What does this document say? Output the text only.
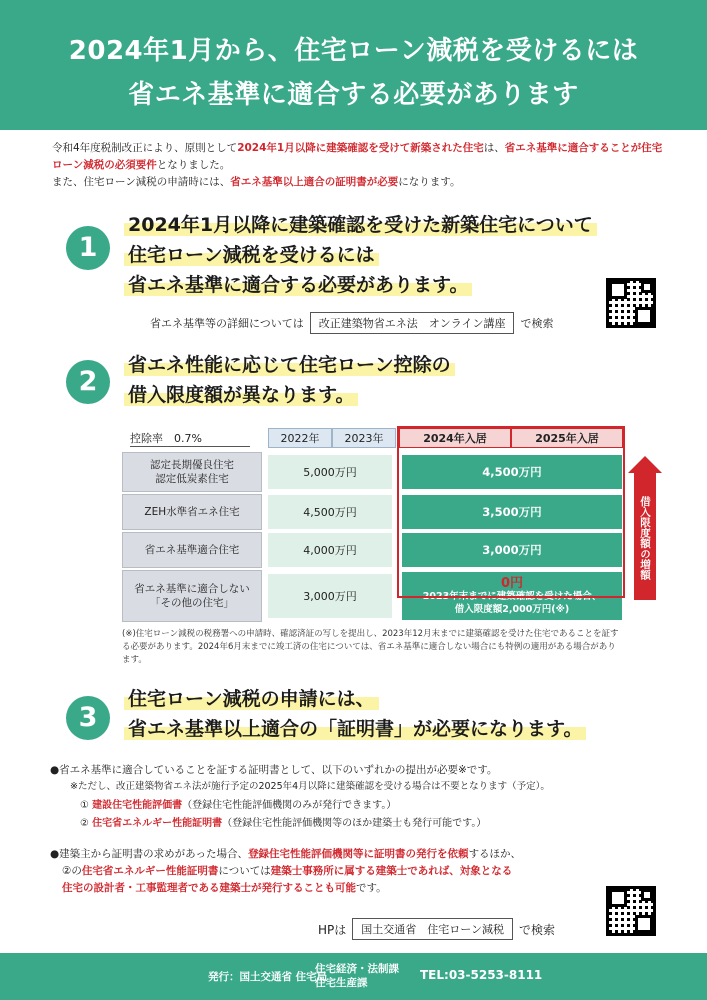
2024年1月から、住宅ローン減税を受けるには
省エネ基準に適合する必要があります
令和4年度税制改正により、原則として2024年1月以降に建築確認を受けて新築された住宅は、省エネ基準に適合することが住宅ローン減税の必須要件となりました。
また、住宅ローン減税の申請時には、省エネ基準以上適合の証明書が必要になります。
1
2024年1月以降に建築確認を受けた新築住宅について
住宅ローン減税を受けるには
省エネ基準に適合する必要があります。
省エネ基準等の詳細については	改正建築物省エネ法　オンライン講座	で検索
2
省エネ性能に応じて住宅ローン控除の
借入限度額が異なります。
控除率　0.7%	2022年	2023年	2024年入居	2025年入居
認定長期優良住宅
認定低炭素住宅	5,000万円	4,500万円
ZEH水準省エネ住宅	4,500万円	3,500万円
省エネ基準適合住宅	4,000万円	3,000万円
省エネ基準に適合しない
「その他の住宅」	3,000万円
0円
2023年末までに建築確認を受けた場合、
借入限度額2,000万円(※)
借入限度額の増額
(※)住宅ローン減税の税務署への申請時、確認済証の写しを提出し、2023年12月末までに建築確認を受けた住宅であることを証する必要があります。2024年6月末までに竣工済の住宅については、省エネ基準に適合しない場合にも特例の適用がある場合があります。
3
住宅ローン減税の申請には、
省エネ基準以上適合の「証明書」が必要になります。
●省エネ基準に適合していることを証する証明書として、以下のいずれかの提出が必要※です。
※ただし、改正建築物省エネ法が施行予定の2025年4月以降に建築確認を受ける場合は不要となります（予定）。
① 建設住宅性能評価書（登録住宅性能評価機関のみが発行できます。）
② 住宅省エネルギー性能証明書（登録住宅性能評価機関等のほか建築士も発行可能です。）
●建築主から証明書の求めがあった場合、登録住宅性能評価機関等に証明書の発行を依頼するほか、
②の住宅省エネルギー性能証明書については建築士事務所に属する建築士であれば、対象となる
住宅の設計者・工事監理者である建築士が発行することも可能です。
HPは	国土交通省　住宅ローン減税	で検索
発行：国土交通省 住宅局
住宅経済・法制課
住宅生産課
TEL:03-5253-8111
